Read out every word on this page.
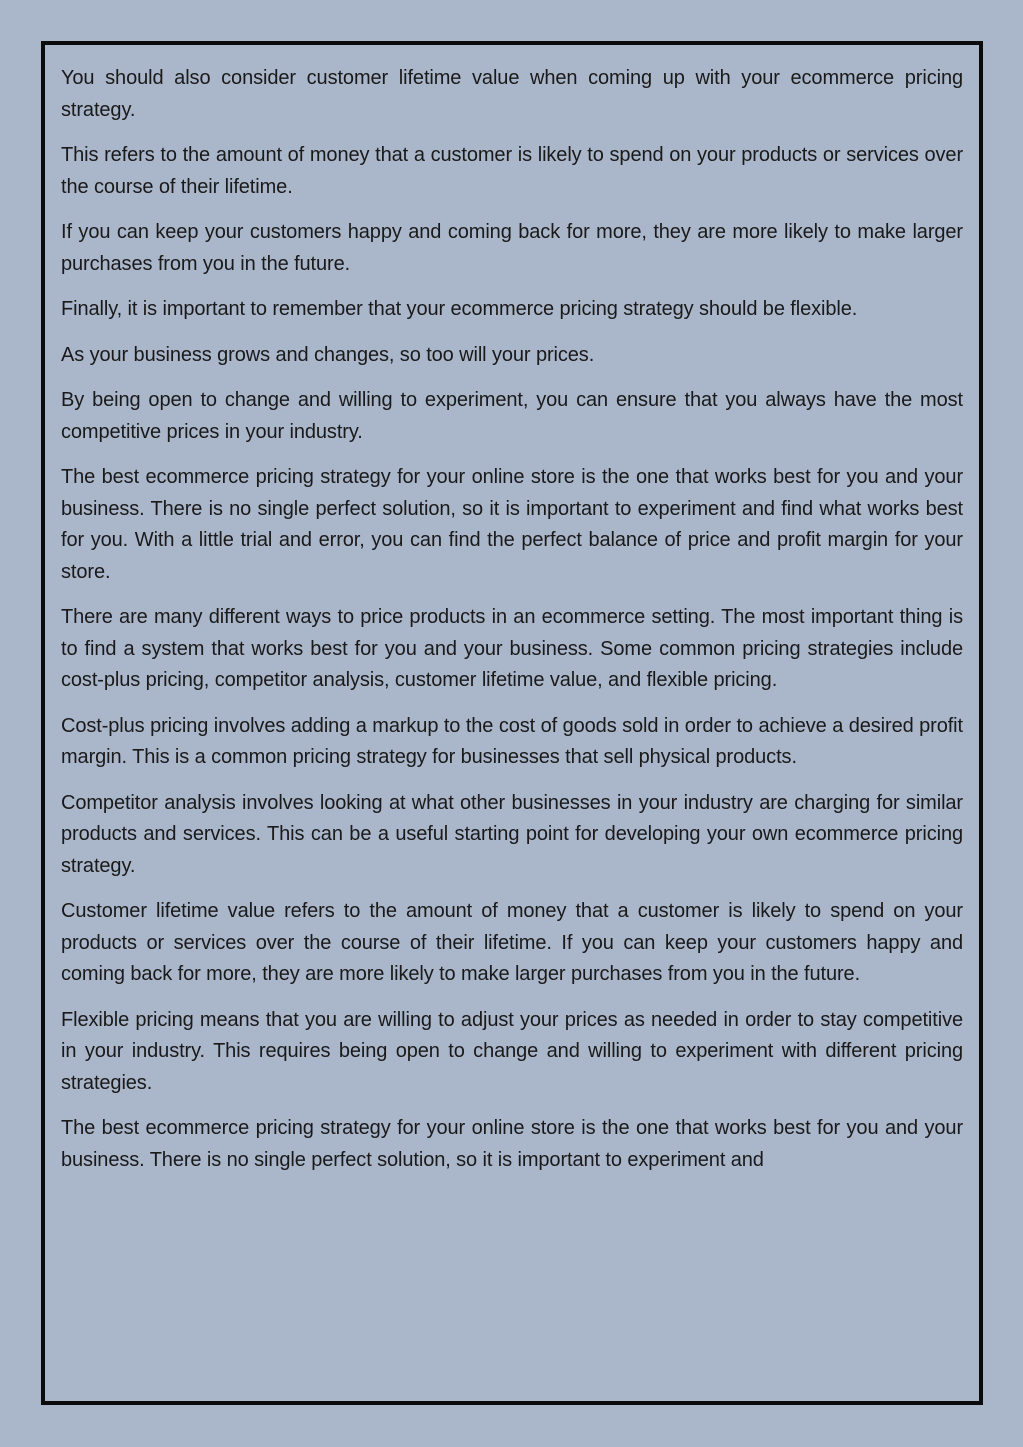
You should also consider customer lifetime value when coming up with your ecommerce pricing strategy.

This refers to the amount of money that a customer is likely to spend on your products or services over the course of their lifetime.

If you can keep your customers happy and coming back for more, they are more likely to make larger purchases from you in the future.

Finally, it is important to remember that your ecommerce pricing strategy should be flexible.

As your business grows and changes, so too will your prices.

By being open to change and willing to experiment, you can ensure that you always have the most competitive prices in your industry.

The best ecommerce pricing strategy for your online store is the one that works best for you and your business. There is no single perfect solution, so it is important to experiment and find what works best for you. With a little trial and error, you can find the perfect balance of price and profit margin for your store.

There are many different ways to price products in an ecommerce setting. The most important thing is to find a system that works best for you and your business. Some common pricing strategies include cost-plus pricing, competitor analysis, customer lifetime value, and flexible pricing.

Cost-plus pricing involves adding a markup to the cost of goods sold in order to achieve a desired profit margin. This is a common pricing strategy for businesses that sell physical products.

Competitor analysis involves looking at what other businesses in your industry are charging for similar products and services. This can be a useful starting point for developing your own ecommerce pricing strategy.

Customer lifetime value refers to the amount of money that a customer is likely to spend on your products or services over the course of their lifetime. If you can keep your customers happy and coming back for more, they are more likely to make larger purchases from you in the future.

Flexible pricing means that you are willing to adjust your prices as needed in order to stay competitive in your industry. This requires being open to change and willing to experiment with different pricing strategies.

The best ecommerce pricing strategy for your online store is the one that works best for you and your business. There is no single perfect solution, so it is important to experiment and
